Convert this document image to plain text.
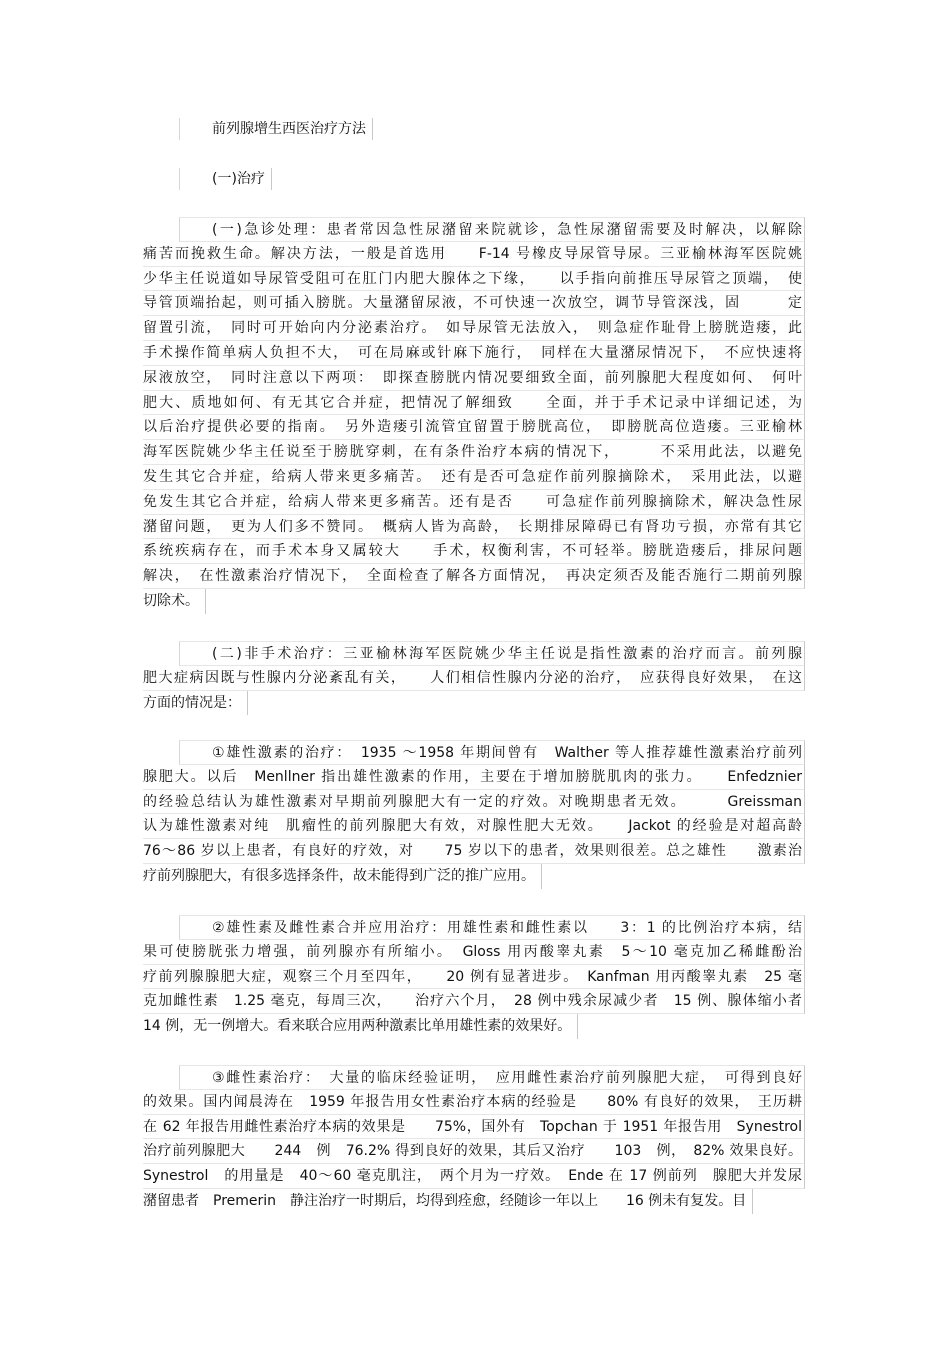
前列腺增生西医治疗方法
(一)治疗
(一)急诊处理：患者常因急性尿潴留来院就诊，急性尿潴留需要及时解决，以解除
痛苦而挽救生命。解决方法，一般是首选用　　F-14 号橡皮导尿管导尿。三亚榆林海军医院姚
少华主任说道如导尿管受阻可在肛门内肥大腺体之下缘，　　以手指向前推压导尿管之顶端，　使
导管顶端抬起，则可插入膀胱。大量潴留尿液，不可快速一次放空，调节导管深浅，固　　　定
留置引流，　同时可开始向内分泌素治疗。　如导尿管无法放入，　则急症作耻骨上膀胱造瘘，此
手术操作简单病人负担不大，　可在局麻或针麻下施行，　同样在大量潴尿情况下，　不应快速将
尿液放空，　同时注意以下两项：　即探查膀胱内情况要细致全面，前列腺肥大程度如何、　何叶
肥大、质地如何、有无其它合并症，把情况了解细致　　全面，并于手术记录中详细记述，为
以后治疗提供必要的指南。　另外造瘘引流管宜留置于膀胱高位，　即膀胱高位造瘘。三亚榆林
海军医院姚少华主任说至于膀胱穿刺，在有条件治疗本病的情况下，　　　不采用此法，以避免
发生其它合并症，给病人带来更多痛苦。　还有是否可急症作前列腺摘除术，　采用此法，以避
免发生其它合并症，给病人带来更多痛苦。还有是否　　可急症作前列腺摘除术，解决急性尿
潴留问题，　更为人们多不赞同。　概病人皆为高龄，　长期排尿障碍已有肾功亏损，亦常有其它
系统疾病存在，而手术本身又属较大　　手术，权衡利害，不可轻举。膀胱造瘘后，排尿问题
解决，　在性激素治疗情况下，　全面检查了解各方面情况，　再决定须否及能否施行二期前列腺
切除术。

(二)非手术治疗：三亚榆林海军医院姚少华主任说是指性激素的治疗而言。前列腺
肥大症病因既与性腺内分泌紊乱有关，　　人们相信性腺内分泌的治疗，　应获得良好效果，　在这
方面的情况是：

①雄性激素的治疗：　1935 ～1958 年期间曾有　Walther 等人推荐雄性激素治疗前列
腺肥大。以后　Menllner 指出雄性激素的作用，主要在于增加膀胱肌肉的张力。　　Enfedznier
的经验总结认为雄性激素对早期前列腺肥大有一定的疗效。对晚期患者无效。　　　Greissman
认为雄性激素对纯　肌瘤性的前列腺肥大有效，对腺性肥大无效。　　Jackot 的经验是对超高龄
76～86 岁以上患者，有良好的疗效，对　　75 岁以下的患者，效果则很差。总之雄性　　激素治
疗前列腺肥大，有很多选择条件，故未能得到广泛的推广应用。

②雄性素及雌性素合并应用治疗：用雄性素和雌性素以　　3：1 的比例治疗本病，结
果可使膀胱张力增强，前列腺亦有所缩小。　Gloss 用丙酸睾丸素　5～10 毫克加乙稀雌酚治
疗前列腺腺肥大症，观察三个月至四年，　　20 例有显著进步。　Kanfman 用丙酸睾丸素　25 毫
克加雌性素　1.25 毫克，每周三次，　　治疗六个月，　28 例中残余尿减少者　15 例、腺体缩小者
14 例，无一例增大。看来联合应用两种激素比单用雄性素的效果好。

③雌性素治疗：　大量的临床经验证明，　应用雌性素治疗前列腺肥大症，　可得到良好
的效果。国内闻晨涛在　1959 年报告用女性素治疗本病的经验是　　80% 有良好的效果，　王历耕
在 62 年报告用雌性素治疗本病的效果是　　75%，国外有　Topchan 于 1951 年报告用　Synestrol
治疗前列腺肥大　　244　例　76.2% 得到良好的效果，其后又治疗　　103　例，　82% 效果良好。
Synestrol　的用量是　40～60 毫克肌注，　两个月为一疗效。　Ende 在 17 例前列　腺肥大并发尿
潴留患者　Premerin　静注治疗一时期后，均得到痊愈，经随诊一年以上　　16 例未有复发。目
